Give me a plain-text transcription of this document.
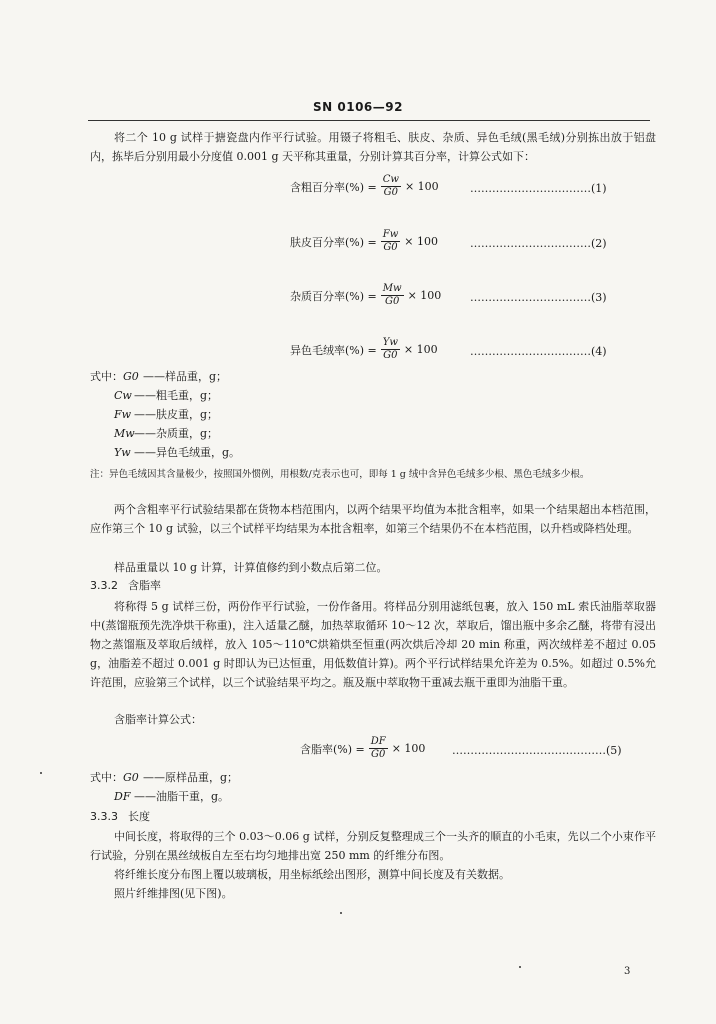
SN 0106—92
将二个 10 g 试样于搪瓷盘内作平行试验。用镊子将粗毛、肤皮、杂质、异色毛绒(黑毛绒)分别拣出放于铝盘内，拣毕后分别用最小分度值 0.001 g 天平称其重量，分别计算其百分率，计算公式如下：
含粗百分率(%) = $\frac{Cw}{G0} \times 100$	……………………………(1)
肤皮百分率(%) = $\frac{Fw}{G0} \times 100$	……………………………(2)
杂质百分率(%) = $\frac{Mw}{G0} \times 100$	……………………………(3)
异色毛绒率(%) = $\frac{Yw}{G0} \times 100$	……………………………(4)
式中：G0 ——样品重，g；
Cw ——粗毛重，g；
Fw ——肤皮重，g；
Mw——杂质重，g；
Yw ——异色毛绒重，g。
注：异色毛绒因其含量极少，按照国外惯例，用根数/克表示也可，即每 1 g 绒中含异色毛绒多少根、黑色毛绒多少根。
两个含粗率平行试验结果都在货物本档范围内，以两个结果平均值为本批含粗率，如果一个结果超出本档范围，应作第三个 10 g 试验，以三个试样平均结果为本批含粗率，如第三个结果仍不在本档范围，以升档或降档处理。
样品重量以 10 g 计算，计算值修约到小数点后第二位。
3.3.2 含脂率
将称得 5 g 试样三份，两份作平行试验，一份作备用。将样品分别用滤纸包裹，放入 150 mL 索氏油脂萃取器中(蒸馏瓶预先洗净烘干称重)，注入适量乙醚，加热萃取循环 10～12 次，萃取后，馏出瓶中多余乙醚，将带有浸出物之蒸馏瓶及萃取后绒样，放入 105～110℃烘箱烘至恒重(两次烘后冷却 20 min 称重，两次绒样差不超过 0.05 g，油脂差不超过 0.001 g 时即认为已达恒重，用低数值计算)。两个平行试样结果允许差为 0.5%。如超过 0.5%允许范围，应验第三个试样，以三个试验结果平均之。瓶及瓶中萃取物干重减去瓶干重即为油脂干重。
含脂率计算公式：
含脂率(%) = $\frac{DF}{G0} \times 100$ ……………………………………(5)
式中：G0 ——原样品重，g；
DF ——油脂干重，g。
3.3.3 长度
中间长度，将取得的三个 0.03～0.06 g 试样，分别反复整理成三个一头齐的顺直的小毛束，先以二个小束作平行试验，分别在黑丝绒板自左至右均匀地排出宽 250 mm 的纤维分布图。
将纤维长度分布图上覆以玻璃板，用坐标纸绘出图形，测算中间长度及有关数据。
照片纤维排图(见下图)。
3
